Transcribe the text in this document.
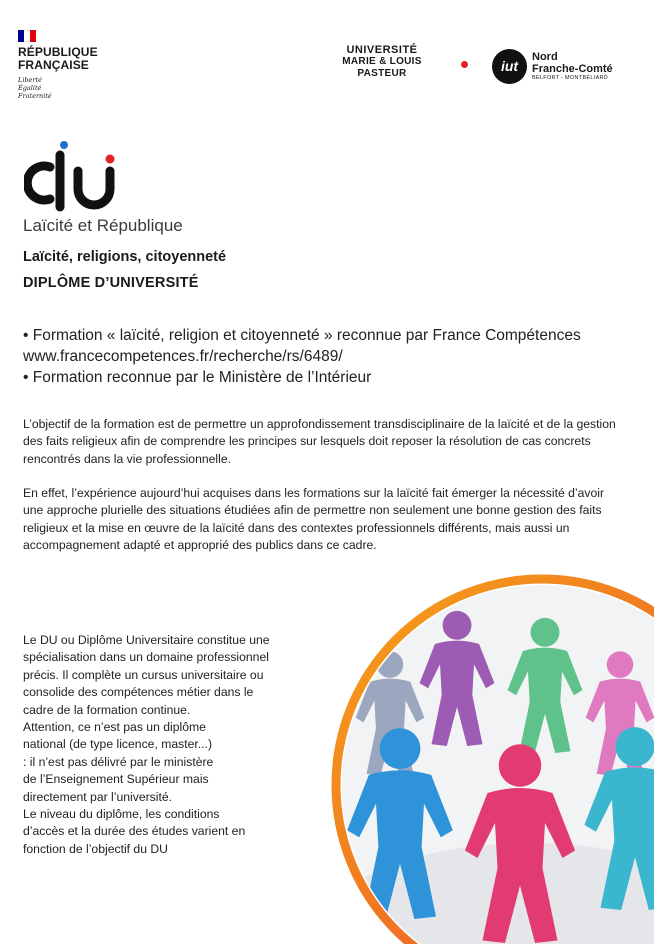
RÉPUBLIQUE
FRANÇAISE
Liberté
Égalité
Fraternité
UNIVERSITÉ
MARIE & LOUIS PASTEUR	iut
Nord
Franche-Comté
BELFORT - MONTBÉLIARD
Laïcité et République
Laïcité, religions, citoyenneté
DIPLÔME D’UNIVERSITÉ
• Formation « laïcité, religion et citoyenneté » reconnue par France Compétences
www.francecompetences.fr/recherche/rs/6489/
• Formation reconnue par le Ministère de l’Intérieur
L’objectif de la formation est de permettre un approfondissement transdisciplinaire de la laïcité et de la gestion des faits religieux afin de comprendre les principes sur lesquels doit reposer la résolution de cas concrets rencontrés dans la vie professionnelle.
En effet, l’expérience aujourd’hui acquises dans les formations sur la laïcité fait émerger la nécessité d’avoir une approche plurielle des situations étudiées afin de permettre non seulement une bonne gestion des faits religieux et la mise en œuvre de la laïcité dans des contextes professionnels différents, mais aussi un accompagnement adapté et approprié des publics dans ce cadre.
Le DU ou Diplôme Universitaire constitue une
spécialisation dans un domaine professionnel
précis. Il complète un cursus universitaire ou
consolide des compétences métier dans le
cadre de la formation continue.
Attention, ce n’est pas un diplôme
national (de type licence, master...)
: il n’est pas délivré par le ministère
de l’Enseignement Supérieur mais
directement par l’université.
Le niveau du diplôme, les conditions
d’accès et la durée des études varient en
fonction de l’objectif du DU
